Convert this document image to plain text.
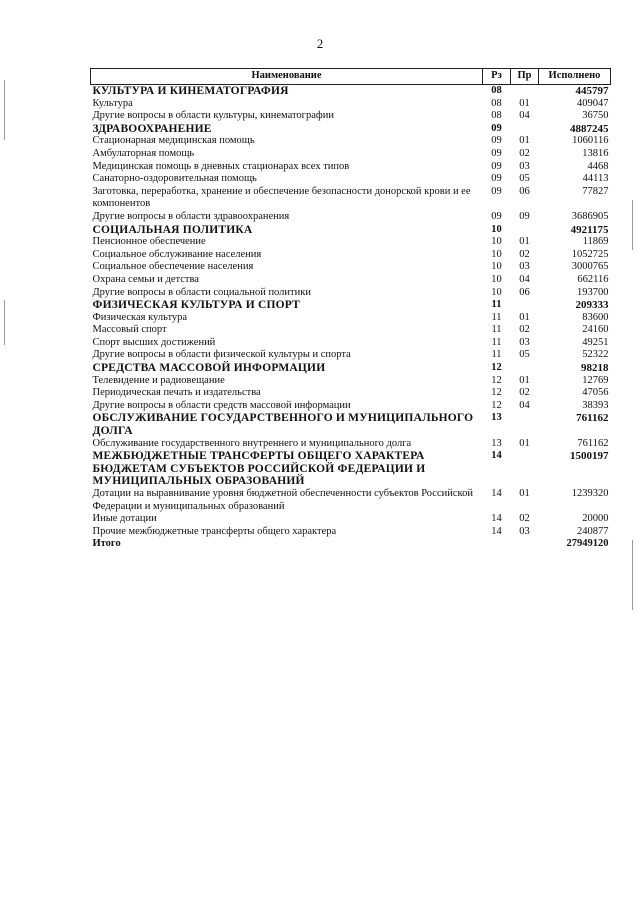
2
Наименование	Рз	Пр	Исполнено
КУЛЬТУРА И КИНЕМАТОГРАФИЯ	08		445797
Культура	08	01	409047
Другие вопросы в области культуры, кинематографии	08	04	36750
ЗДРАВООХРАНЕНИЕ	09		4887245
Стационарная медицинская помощь	09	01	1060116
Амбулаторная помощь	09	02	13816
Медицинская помощь в дневных стационарах всех типов	09	03	4468
Санаторно-оздоровительная помощь	09	05	44113
Заготовка, переработка, хранение и обеспечение безопасности донорской крови и ее компонентов	09	06	77827
Другие вопросы в области здравоохранения	09	09	3686905
СОЦИАЛЬНАЯ ПОЛИТИКА	10		4921175
Пенсионное обеспечение	10	01	11869
Социальное обслуживание населения	10	02	1052725
Социальное обеспечение населения	10	03	3000765
Охрана семьи и детства	10	04	662116
Другие вопросы в области социальной политики	10	06	193700
ФИЗИЧЕСКАЯ КУЛЬТУРА И СПОРТ	11		209333
Физическая культура	11	01	83600
Массовый спорт	11	02	24160
Спорт высших достижений	11	03	49251
Другие вопросы в области физической культуры и спорта	11	05	52322
СРЕДСТВА МАССОВОЙ ИНФОРМАЦИИ	12		98218
Телевидение и радиовещание	12	01	12769
Периодическая печать и издательства	12	02	47056
Другие вопросы в области средств массовой информации	12	04	38393
ОБСЛУЖИВАНИЕ ГОСУДАРСТВЕННОГО И МУНИЦИПАЛЬНОГО ДОЛГА	13		761162
Обслуживание государственного внутреннего и муниципального долга	13	01	761162
МЕЖБЮДЖЕТНЫЕ ТРАНСФЕРТЫ ОБЩЕГО ХАРАКТЕРА БЮДЖЕТАМ СУБЪЕКТОВ РОССИЙСКОЙ ФЕДЕРАЦИИ И МУНИЦИПАЛЬНЫХ ОБРАЗОВАНИЙ	14		1500197
Дотации на выравнивание уровня бюджетной обеспеченности субъектов Российской Федерации и муниципальных образований	14	01	1239320
Иные дотации	14	02	20000
Прочие межбюджетные трансферты общего характера	14	03	240877
Итого			27949120
